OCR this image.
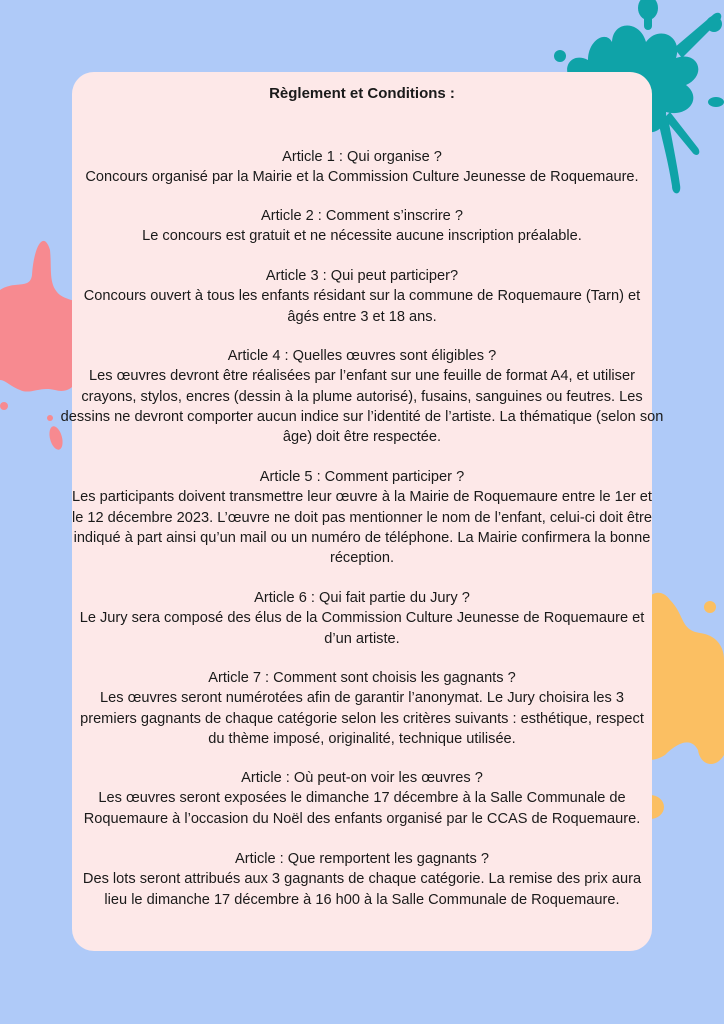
Règlement et Conditions :

Article 1 : Qui organise ?

Concours organisé par la Mairie et la Commission Culture Jeunesse de Roquemaure.

Article 2 : Comment s’inscrire ?

Le concours est gratuit et ne nécessite aucune inscription préalable.

Article 3 : Qui peut participer?

Concours ouvert à tous les enfants résidant sur la commune de Roquemaure (Tarn) et âgés entre 3 et 18 ans.

Article 4 : Quelles œuvres sont éligibles ?

Les œuvres devront être réalisées par l’enfant sur une feuille de format A4, et utiliser crayons, stylos, encres (dessin à la plume autorisé), fusains, sanguines ou feutres. Les dessins ne devront comporter aucun indice sur l’identité de l’artiste. La thématique (selon son âge) doit être respectée.

Article 5 : Comment participer ?

Les participants doivent transmettre leur œuvre à la Mairie de Roquemaure entre le 1er et le 12 décembre 2023. L’œuvre ne doit pas mentionner le nom de l’enfant, celui-ci doit être indiqué à part ainsi qu’un mail ou un numéro de téléphone. La Mairie confirmera la bonne réception.

Article 6 : Qui fait partie du Jury ?

Le Jury sera composé des élus de la Commission Culture Jeunesse de Roquemaure et d’un artiste.

Article 7 : Comment sont choisis les gagnants ?

Les œuvres seront numérotées afin de garantir l’anonymat. Le Jury choisira les 3 premiers gagnants de chaque catégorie selon les critères suivants : esthétique, respect du thème imposé, originalité, technique utilisée.

Article : Où peut-on voir les œuvres ?

Les œuvres seront exposées le dimanche 17 décembre à la Salle Communale de Roquemaure à l’occasion du Noël des enfants organisé par le CCAS de Roquemaure.

Article : Que remportent les gagnants ?

Des lots seront attribués aux 3 gagnants de chaque catégorie. La remise des prix aura lieu le dimanche 17 décembre à 16 h00 à la Salle Communale de Roquemaure.
